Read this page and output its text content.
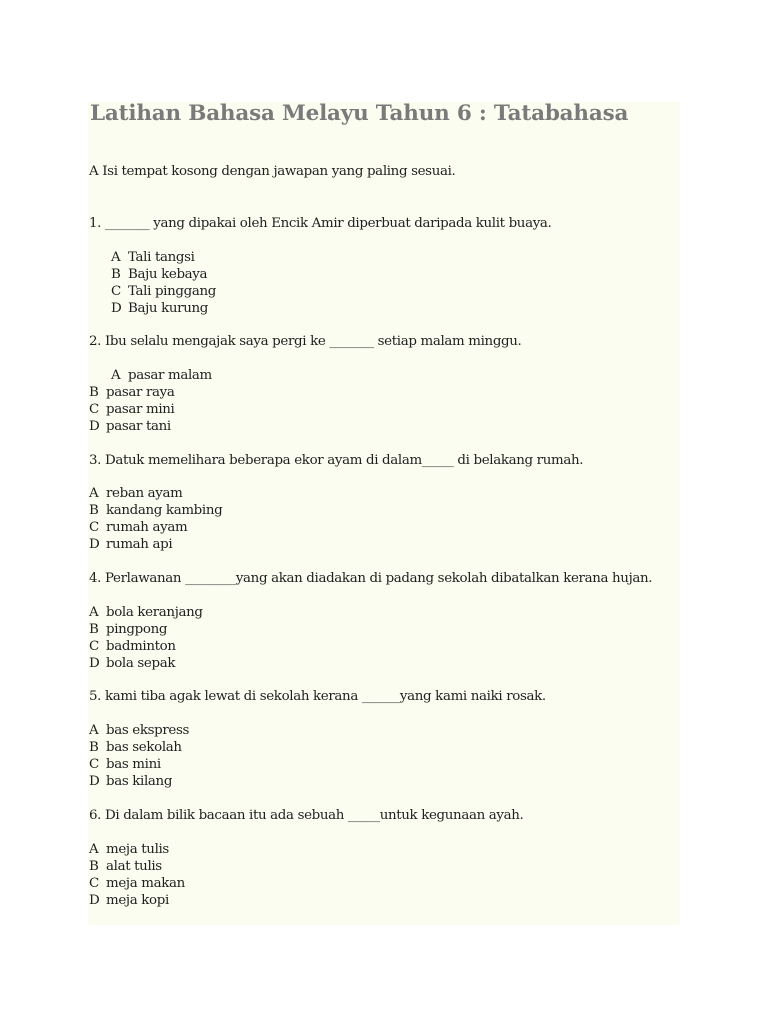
Latihan Bahasa Melayu Tahun 6 : Tatabahasa
A Isi tempat kosong dengan jawapan yang paling sesuai.
1. _______ yang dipakai oleh Encik Amir diperbuat daripada kulit buaya.
A Tali tangsi
B Baju kebaya
C Tali pinggang
D Baju kurung
2. Ibu selalu mengajak saya pergi ke _______ setiap malam minggu.
A pasar malam
B pasar raya
C pasar mini
D pasar tani
3. Datuk memelihara beberapa ekor ayam di dalam_____ di belakang rumah.
A reban ayam
B kandang kambing
C rumah ayam
D rumah api
4. Perlawanan ________yang akan diadakan di padang sekolah dibatalkan kerana hujan.
A bola keranjang
B pingpong
C badminton
D bola sepak
5. kami tiba agak lewat di sekolah kerana ______yang kami naiki rosak.
A bas ekspress
B bas sekolah
C bas mini
D bas kilang
6. Di dalam bilik bacaan itu ada sebuah _____untuk kegunaan ayah.
A meja tulis
B alat tulis
C meja makan
D meja kopi
